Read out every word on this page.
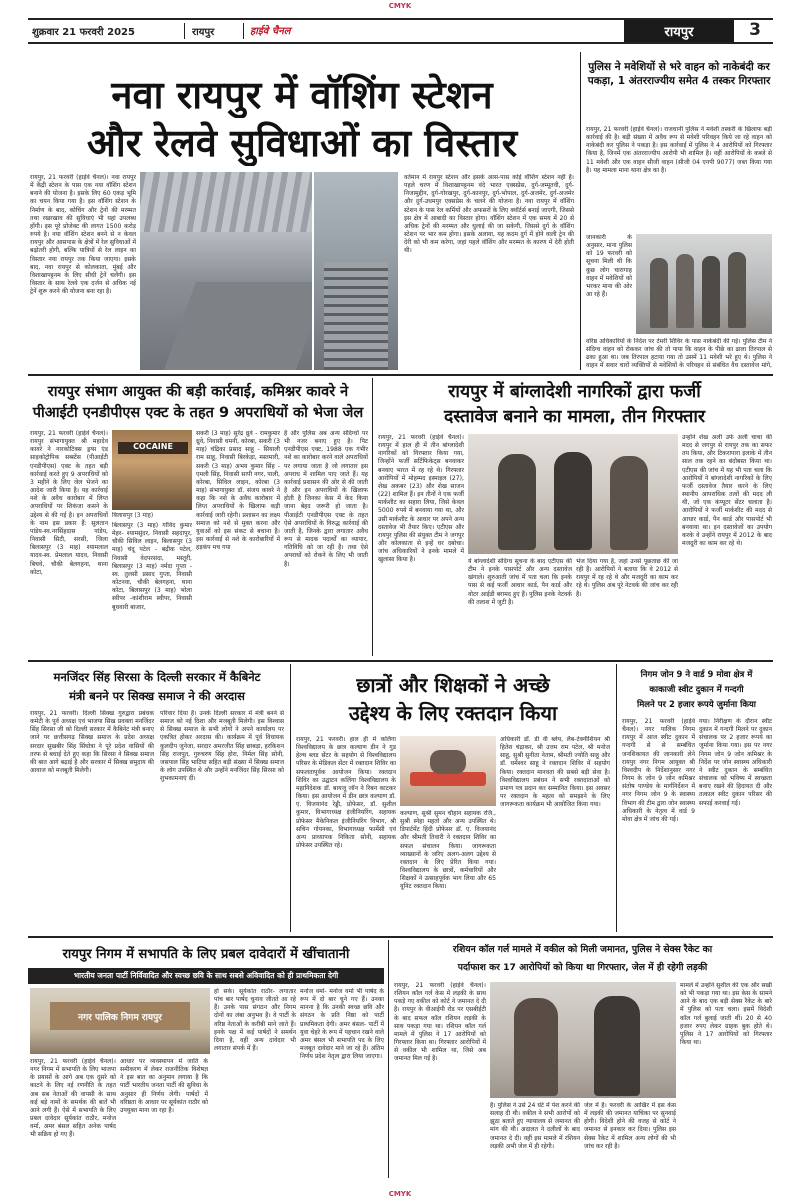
CMYK
शुक्रवार 21 फरवरी 2025	रायपुर	हाईवे चैनल	रायपुर	3
नवा रायपुर में वॉशिंग स्टेशन
और रेलवे सुविधाओं का विस्तार
रायपुर, 21 फरवरी (हाईवे चैनल)। नवा रायपुर में केंद्री स्टेशन के पास एक नया वॉशिंग स्टेशन बनाने की योजना है। इसके लिए 60 एकड़ भूमि का चयन किया गया है। इस वॉशिंग स्टेशन के निर्माण के बाद, कोचिंग और ट्रेनों की मरम्मत तथा रखरखाव की सुविधाएं भी यहां उपलब्ध होंगी। इस पूरे प्रोजेक्ट की लागत 1500 करोड़ रुपये है। नया वॉशिंग स्टेशन बनने से न केवल रायपुर और आसपास के क्षेत्रों में रेल सुविधाओं में बढ़ोतरी होगी, बल्कि यात्रियों से रेल लाइन का विस्तार नया रायपुर तक किया जाएगा। इसके बाद, नवा रायपुर से कोलकाता, मुंबई और विशाखापट्टनम के लिए सीधी ट्रेनें चलेंगी। इस विस्तार के साथ रेलवे एक दर्जन से अधिक नई ट्रेनें शुरू करने की योजना बना रहा है।
वर्तमान में रायपुर स्टेशन और इसके आस-पास कोई वॉशिंग स्टेशन नहीं है। पहले चरण में विशाखापट्टनम वंदे भारत एक्सप्रेस, दुर्ग-जम्मूतवी, दुर्ग-निजामुद्दीन, दुर्ग-गोरखपुर, दुर्ग-कानपुर, दुर्ग-भोपाल, दुर्ग-अजमेर, दुर्ग-अजमेर और दुर्ग-उधमपुर एक्सप्रेस के चलने की योजना है। नवा रायपुर में वॉशिंग स्टेशन के पास रेल कर्मियों और अफसरों के लिए क्वॉर्टर्स बनाई जाएगी, जिससे इस क्षेत्र में आबादी का विस्तार होगा। वॉशिंग स्टेशन में एक समय में 20 से अधिक ट्रेनों की मरम्मत और धुलाई की जा सकेगी, जिससे दुर्ग के वॉशिंग स्टेशन पर भार कम होगा। इसके अलावा, यह कदम दुर्ग में होने वाली ट्रेन की देरी को भी कम करेगा, जहां पहले वॉशिंग और मरम्मत के कारण में देरी होती थी।
पुलिस ने मवेशियों से भरे वाहन को नाकेबंदी कर पकड़ा, 1 अंतरराज्यीय समेत 4 तस्कर गिरफ्तार
रायपुर, 21 फरवरी (हाईवे चैनल)। राजधानी पुलिस ने मवेशी तस्करी के खिलाफ बड़ी कार्रवाई की है। बड़ी संख्या में अवैध रूप से मवेशी परिवहन किये जा रहे वाहन को नाकेबंदी कर पुलिस ने पकड़ा है। इस कार्रवाई में पुलिस ने 4 आरोपियों को गिरफ्तार किया है, जिनमें एक अंतरराज्यीय आरोपी भी शामिल है। वहीं आरोपियों के कब्जे से 11 मवेशी और एक वाहन सीजी वाहन (सीजी 04 एनपी 9077) जब्त किया गया है। यह मामला माना थाना क्षेत्र का है।
जानकारी के अनुसार, माना पुलिस को 19 फरवरी को सूचना मिली थी कि कुछ लोग चारागाह वाहन में मवेशियों को भरकर माना की ओर आ रहे हैं।
वरिष्ठ अधिकारियों के निर्देश पर टेमरी शिविर के पास नाकेबंदी की गई। पुलिस टीम ने संदिग्ध वाहन को रोककर जांच की तो पाया कि वाहन के पीछे का ढाला तिरपाल से ढका हुआ था। जब तिरपाल हटाया गया तो उसमें 11 मवेशी भरे हुए थे। पुलिस ने वाहन में सवार चारों व्यक्तियों से मवेशियों के परिवहन से संबंधित वैध दस्तावेज मांगे,
रायपुर संभाग आयुक्त की बड़ी कार्रवाई, कमिश्नर कावरे ने
पीआईटी एनडीपीएस एक्ट के तहत 9 अपराधियों को भेजा जेल
रायपुर, 21 फरवरी (हाईवे चैनल)। रायपुर संभागायुक्त श्री महादेव कावरे ने नारकोटिक्स ड्रग्स एंड साइकोट्रोपिक सब्स्टेंस (पीआईटी एनडीपीएस) एक्ट के तहत बड़ी कार्रवाई करते हुए 9 अपराधियों को 3 महीने के लिए जेल भेजने का आदेश जारी किया है। यह कार्रवाई नशे के अवैध कारोबार में लिप्त अपराधियों पर शिकंजा कसने के उद्देश्य से की गई है। इन अपराधियों के नाम इस प्रकार हैं: सुलतान पांडेय-स्व.नरसिंहदास पांडेय, निवासी सिटी, सरसी, जिला बिलासपुर (3 माह) श्यामलाल यादव-स्व. प्रेमलाल यादव, निवासी बिचवे, चौकी बेलगहना, थाना कोटा,
COCAINE
बिलासपुर (3 माह)
बिलासपुर (3 माह) गोविंद कुमार मेहर- श्यामसुंदर, निवासी सहदापुर, चौकी सिविल लाइन, बिलासपुर (3 माह) चंदू पटेल - बद्रीक पटेल, निवासी वेदपरसदा, मस्तूरी, बिलासपुर (3 माह) नर्मदा गुप्ता - स्व. तुलसी प्रसाद गुप्ता, निवासी कोटनवा, चौकी बेलगहना, थाना कोटा, बिलासपुर (3 माह) भोला स्वीपर -कांशीराम स्वीपर, निवासी बुधवारी बाजार,
सकरी (3 माह) सुरेंद्र ध्रुवे - रामकुमार ध्रुवे, निवासी धमनी, कोरबा, सकरी (3 माह) चंद्रिका प्रसाद साहू - सियाली राम साहू, निवासी बिरकेड़ा, मस्तमारी, सकरी (3 माह) अभय कुमार सिंह - एमली सिंह, निवासी सापी नगर, पाली, कोरबा, सिविल लाइन, कोरबा (3 माह) संभागायुक्त डॉ. संजय कावरे ने कहा कि नशे के अवैध कारोबार में लिप्त अपराधियों के खिलाफ कड़ी कार्रवाई जारी रहेगी। प्रशासन का लक्ष्य समाज को नशे से मुक्त करना और युवाओं को इस संकट से बचाना है। इस कार्रवाई से नशे के कारोबारियों में हड़कंप मच गया
है और पुलिस अब अन्य संदिग्धों पर भी नजर बनाए हुए है। पिट एनडीपीएस एक्ट, 1988 एक गंभीर नशे का कारोबार करने वाले अपराधियों पर लगाया जाता है जो लगातार इस अपराध में शामिल पाए जाते हैं। यह कार्रवाई प्रशासन की ओर से की जाती है और इन अपराधियों के खिलाफ होती है जिनका केस में केद किया जाना बेहद जरूरी हो जाता है। पीआईटी एनडीपीएस एक्ट के तहत ऐसे अपराधियों के विरुद्ध कार्रवाई की जाती है, जिनके द्वारा लगातार अवैध रूप से मादक पदार्थों का व्यापार, गतिविधि को जा रही है। तथा ऐसे अपराधों को रोकने के लिए भी जाती है।
रायपुर में बांग्लादेशी नागरिकों द्वारा फर्जी
दस्तावेज बनाने का मामला, तीन गिरफ्तार
रायपुर, 21 फरवरी (हाईवे चैनल)। रायपुर में हाल ही में तीन बांग्लादेशी नागरिकों को गिरफ्तार किया गया, जिन्होंने फर्जी सर्टिफिकेट्स बनवाकर बनवाए भारत में रह रहे थे। गिरफ्तार आरोपियों में मोहम्मद इस्माइल (27), शेख अकबर (23) और शेख साजन (22) शामिल हैं। इन तीनों ने एक फर्जी मार्कशीट का सहारा लिया, जिसे केवल 5000 रुपये में बनवाया गया था, और उसी मार्कशीट के आधार पर अपने अन्य दस्तावेज भी तैयार किए। एटीएस और रायपुर पुलिस की संयुक्त टीम ने जगपुर और कोलकाता से इन्हें धर दबोचा। जांच अधिकारियों ने इनके मामले में खुलासा किया है।	ये बांग्लादेशी संदिग्ध सूचना के बाद एटीएस की टीम ने इनके पासपोर्ट और अन्य दस्तावेज खंगाले। शुरुआती जांच में पता चला कि इनके पास से कई फर्जी आधार कार्ड, पैन कार्ड और वोटर आईडी बरामद हुए हैं। पुलिस इनके नेटवर्क की तलाश में जुटी है।
भेज दिया गया है, जहां उनसे पूछताछ की जा रही है। आरोपियों ने बताया कि वे 2012 से रायपुर में रह रहे थे और मजदूरी का काम कर रहे थे। पुलिस अब पूरे नेटवर्क की जांच कर रही है।
उन्होंने शेख अली उर्फ अली चाचा की मदद से जगपुर से रायपुर तक का सफर तय किया, और टिकरापारा इलाके में तीन साल तक रहने का बंदोबस्त किया था। एटीएस की जांच में यह भी पता चला कि आरोपियों ने बांग्लादेशी नागरिकों के लिए फर्जी दस्तावेज तैयार करने के लिए स्थानीय आपराधिक तत्वों की मदद ली थी, जो एक कंप्यूटर सेंटर चलाता है। आरोपियों ने फर्जी मार्कशीट की मदद से आधार कार्ड, पैन कार्ड और पासपोर्ट भी बनवाया था। इन दस्तावेजों का उपयोग करके वे उन्होंने रायपुर में 2012 के बाद मजदूरी का काम कर रहे थे।
मनजिंदर सिंह सिरसा के दिल्ली सरकार में कैबिनेट
मंत्री बनने पर सिक्ख समाज ने की अरदास
रायपुर, 21 फरवरी। दिल्ली सिक्ख गुरुद्वारा प्रबंधक कमेटी के पूर्व अध्यक्ष एवं भाजपा सिख प्रवक्ता मनजिंदर सिंह सिरसा जी को दिल्ली सरकार में कैबिनेट मंत्री बनाए जाने पर छत्तीसगढ़ सिक्ख समाज के प्रदेश अध्यक्ष सरदार सुखबीर सिंह सिंघोत्रा ने पूरे प्रदेश वासियों की तरफ से बधाई देते हुए कहा कि सिरसा ने सिक्ख समाज की बात आगे बढ़ाई है और सरकार में सिक्ख समुदाय की आवाज को मजबूती मिलेगी।
परिवार दिया है। उनके दिल्ली सरकार में मंत्री बनने से समाज को नई दिशा और मजबूती मिलेगी। इस विश्वास से सिक्ख समाज के सभी लोगों ने अपने कार्यालय पर एकत्रित होकर अरदास की। कार्यक्रम में पूर्व विधायक कुलदीप जुनेजा, सरदार अमरजीत सिंह छाबड़ा, हरकिशन सिंह राजपूत, गुरुचरण सिंह होरा, निर्मल सिंह सोनी, जसपाल सिंह भाटिया सहित बड़ी संख्या में सिक्ख समाज के लोग उपस्थित थे और उन्होंने मनजिंदर सिंह सिरसा को शुभकामनाएं दीं।
छात्रों और शिक्षकों ने अच्छे
उद्देश्य के लिए रक्तदान किया
रायपुर, 21 फरवरी। हाल ही में कलिंगा विश्वविद्यालय के छात्र कल्याण डीन ने गुड हेल्थ ब्लड सेंटर के सहयोग से विश्वविद्यालय परिसर के मेडिकल सेंटर में रक्तदान शिविर का सफलतापूर्वक आयोजन किया। रक्तदान शिविर का उद्घाटन कलिंगा विश्वविद्यालय के महानिदेशक डॉ. बायजू जॉन ने रिबन काटकर किया। इस आयोजन में डीन छात्र कल्याण डॉ. ए. विजयानंद रेड्डी, प्रोफेसर, डॉ. सुशील कुमार, विभागाध्यक्ष इंजीनियरिंग, सहायक प्रोफेसर मैकेनिकल इंजीनियरिंग विभाग, श्री सचिन गोयनका, विभागाध्यक्ष फार्मेसी एवं अन्य प्राध्यापक निकिता सोनी, सहायक प्रोफेसर उपस्थित रहे।
कल्याण, सुश्री सुमन चौहान सहायक रजि., सुश्री स्नेहा महतो और अन्य उपस्थित थे। डिपार्टमेंट हिंदी प्रोफेसर डॉ. ए. विजयानंद और श्रीमती तिवारी ने रक्तदान शिविर का सफल संचालन किया। जागरूकता व्याख्यानों के जरिए अलग-अलग उद्देश्य से रक्तदान के लिए प्रेरित किया गया। विश्वविद्यालय के छात्रों, कर्मचारियों और शिक्षकों ने उत्साहपूर्वक भाग लिया और 65 यूनिट रक्तदान किया।
अधिकारी डॉ. डी वी ब्लेय, लैब-टेक्नीशियन श्री हितेश चंद्राकर, श्री उत्तम राम पटेल, श्री मनोज साहू, सुश्री सुनीता नेताम, श्रीमती ज्योति साहू और डॉ. धर्मेश्वर साहू ने रक्तदान शिविर में सहयोग किया। रक्तदान मानवता की सबसे बड़ी सेवा है। विश्वविद्यालय प्रबंधन ने सभी रक्तदाताओं को प्रमाण पत्र प्रदान कर सम्मानित किया। इस अवसर पर रक्तदान के महत्व को समझाने के लिए जागरूकता कार्यक्रम भी आयोजित किया गया।
निगम जोन 9 ने वार्ड 9 मोवा क्षेत्र में
काकाजी स्वीट दुकान में गन्दगी
मिलने पर 2 हजार रूपये जुर्माना किया
रायपुर, 21 फरवरी (हाईवे चैनल)। नगर पालिक निगम रायपुर में आज स्वीट दुकान में गन्दगी से से सम्बंधित जनशिकायत की जानकारी लेने रायपुर नगर निगम आयुक्त श्री विश्वदीप के निर्देशानुसार नगर निगम के जोन 9 जोन कमिश्नर संतोष पाण्डेय के मार्गनिर्देशन में नगर निगम जोन 9 के स्वास्थ्य विभाग की टीम द्वारा जोन स्वास्थ्य अधिकारी के नेतृत्व में वार्ड 9 मोवा क्षेत्र में जांच की गई।
गया। निरीक्षण के दौरान स्वीट दुकान में गन्दगी मिलने पर दुकान संचालक पर 2 हजार रूपये का जुर्माना किया गया। इस पर नगर निगम जोन 9 जोन कमिश्नर के निर्देश पर जोन स्वास्थ्य अधिकारी ने स्वीट दुकान के सम्बंधित संचालक को भविष्य में स्वच्छता बनाए रखने की हिदायत दी और तत्काल स्वीट दुकान परिसर की सफाई करवाई गई।
रायपुर निगम में सभापति के लिए प्रबल दावेदारों में खींचातानी
भारतीय जनता पार्टी निर्विवादित और स्वच्छ छवि के साथ सबसे अविवादित को ही प्राथमिकता देगी
नगर पालिक निगम रायपुर
रायपुर, 21 फरवरी (हाईवे चैनल)। नगर निगम में सभापति के लिए भाजपा के प्रयासों के आगे अब एक दूसरे को काटने के लिए नई रणनीति के तहत अब सब नेताओं की वापसी के साथ कई बड़े नामों के समर्थक की बातें भी आने लगी हैं। ऐसे में सभापति के लिए प्रबल दावेदार सूर्यकांत राठौर, मनोज वर्मा, अमर बंसल सहित अनेक पार्षद भी सक्रिय हो गए हैं।
आधार पर व्यवस्थापन में जाति के समीकरण में लेकर राजनीतिक विशेषज्ञ ने इस बात का अनुमान लगाया है कि पार्टी भारतीय जनता पार्टी की सुविधा के अनुसार ही निर्णय लेगी। पार्षदों में वरिष्ठता के आधार पर सूर्यकांत राठौर को उपयुक्त माना जा रहा है।
हो सके। सूर्यकांत राठौर- लगातार पांच बार पार्षद चुनाव जीतते आ रहे हैं। उनके पास संगठन और निगम दोनों का लंबा अनुभव है। वे पार्टी के वरिष्ठ नेताओं के करीबी माने जाते हैं। इनके पक्ष में कई पार्षदों ने समर्थन दिया है, वहीं अन्य दावेदार भी लगातार संपर्क में हैं।
मनोज वर्मा- मनोज वर्मा भी पार्षद के रूप में दो बार चुने गए हैं। उनका मानना है कि उनकी स्वच्छ छवि और संगठन के प्रति निष्ठा को पार्टी प्राथमिकता देगी। अमर बंसल- पार्टी में युवा चेहरे के रूप में पहचान रखने वाले अमर बंसल भी सभापति पद के लिए मजबूत दावेदार माने जा रहे हैं। अंतिम निर्णय प्रदेश नेतृत्व द्वारा लिया जाएगा।
रशियन कॉल गर्ल मामले में वकील को मिली जमानत, पुलिस ने सेक्स रैकेट का
पर्दाफाश कर 17 आरोपियों को किया था गिरफ्तार, जेल में ही रहेगी लड़की
रायपुर, 21 फरवरी (हाईवे चैनल)। रशियन कॉल गर्ल केस में लड़की के साथ पकड़े गए वकील को कोर्ट ने जमानत दे दी है। रायपुर के वीआईपी रोड पर एसबीईटी के बाद सफल कॉल रशियन लड़की के साथ पकड़ा गया था। रशियन कॉल गर्ल मामले में पुलिस ने 17 आरोपियों को गिरफ्तार किया था। गिरफ्तार आरोपियों में से वकील भी शामिल था, जिसे अब जमानत मिल गई है।
है। पुलिस ने उसे 24 घंटे में पेश करने की सलाह दी थी। वकील ने सभी आरोपों को झूठा बताते हुए न्यायालय से जमानत की मांग की थी। अदालत ने दलीलों के बाद जमानत दे दी। वहीं इस मामले में रशियन लड़की अभी जेल में ही रहेगी।
जेल में है। फरवरी के आखिर में इस केस में लड़की की जमानत याचिका पर सुनवाई होगी। विदेशी होने की वजह से कोर्ट ने जमानत से इनकार कर दिया। पुलिस इस सेक्स रैकेट में शामिल अन्य लोगों की भी जांच कर रही है।
मामले में उन्होंने सुशील की एक और सखी को भी पकड़ा गया था। इस केस के सामने आने के बाद एक बड़ी सेक्स रैकेट के बारे में पुलिस को पता चला। इसमें विदेशी कॉल गर्ल बुलाई जाती थीं। 20 से 40 हजार रुपए लेकर ग्राहक बुक होते थे। पुलिस ने 17 आरोपियों को गिरफ्तार किया था।
CMYK
